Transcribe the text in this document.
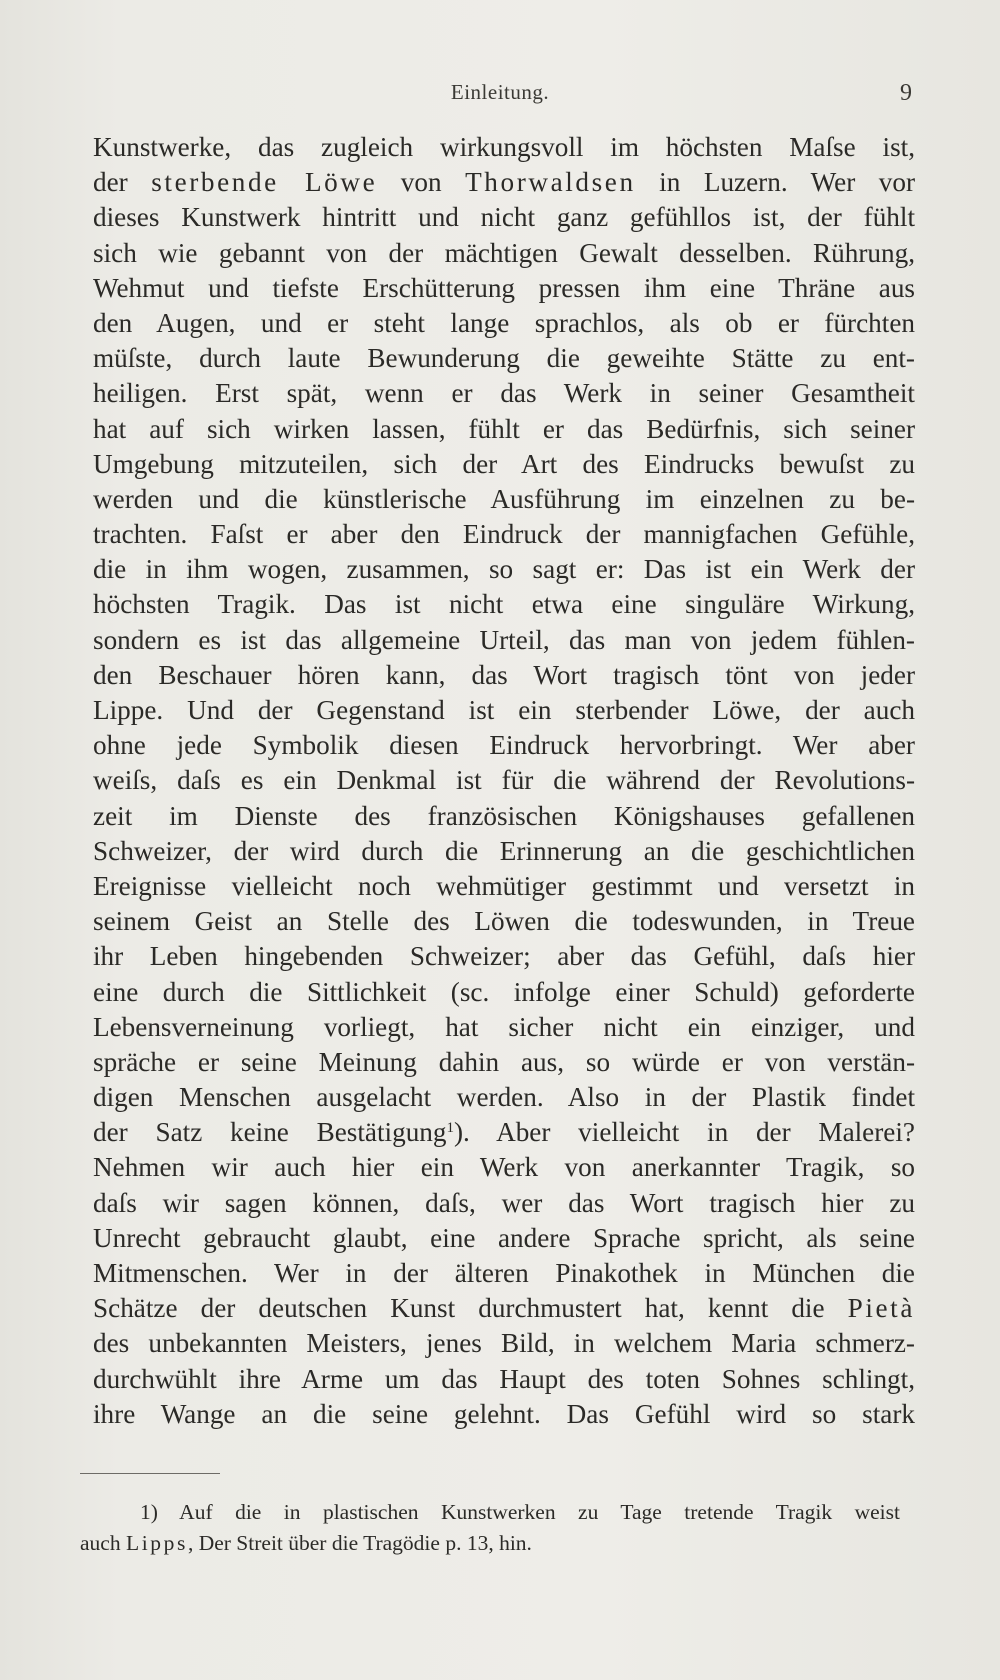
Einleitung.	9
Kunstwerke, das zugleich wirkungsvoll im höchsten Maſse ist,
der sterbende Löwe von Thorwaldsen in Luzern. Wer vor
dieses Kunstwerk hintritt und nicht ganz gefühllos ist, der fühlt
sich wie gebannt von der mächtigen Gewalt desselben. Rührung,
Wehmut und tiefste Erschütterung pressen ihm eine Thräne aus
den Augen, und er steht lange sprachlos, als ob er fürchten
müſste, durch laute Bewunderung die geweihte Stätte zu ent-
heiligen. Erst spät, wenn er das Werk in seiner Gesamtheit
hat auf sich wirken lassen, fühlt er das Bedürfnis, sich seiner
Umgebung mitzuteilen, sich der Art des Eindrucks bewuſst zu
werden und die künstlerische Ausführung im einzelnen zu be-
trachten. Faſst er aber den Eindruck der mannigfachen Gefühle,
die in ihm wogen, zusammen, so sagt er: Das ist ein Werk der
höchsten Tragik. Das ist nicht etwa eine singuläre Wirkung,
sondern es ist das allgemeine Urteil, das man von jedem fühlen-
den Beschauer hören kann, das Wort tragisch tönt von jeder
Lippe. Und der Gegenstand ist ein sterbender Löwe, der auch
ohne jede Symbolik diesen Eindruck hervorbringt. Wer aber
weiſs, daſs es ein Denkmal ist für die während der Revolutions-
zeit im Dienste des französischen Königshauses gefallenen
Schweizer, der wird durch die Erinnerung an die geschichtlichen
Ereignisse vielleicht noch wehmütiger gestimmt und versetzt in
seinem Geist an Stelle des Löwen die todeswunden, in Treue
ihr Leben hingebenden Schweizer; aber das Gefühl, daſs hier
eine durch die Sittlichkeit (sc. infolge einer Schuld) geforderte
Lebensverneinung vorliegt, hat sicher nicht ein einziger, und
spräche er seine Meinung dahin aus, so würde er von verstän-
digen Menschen ausgelacht werden. Also in der Plastik findet
der Satz keine Bestätigung$^1$). Aber vielleicht in der Malerei?
Nehmen wir auch hier ein Werk von anerkannter Tragik, so
daſs wir sagen können, daſs, wer das Wort tragisch hier zu
Unrecht gebraucht glaubt, eine andere Sprache spricht, als seine
Mitmenschen. Wer in der älteren Pinakothek in München die
Schätze der deutschen Kunst durchmustert hat, kennt die Pietà
des unbekannten Meisters, jenes Bild, in welchem Maria schmerz-
durchwühlt ihre Arme um das Haupt des toten Sohnes schlingt,
ihre Wange an die seine gelehnt. Das Gefühl wird so stark
1) Auf die in plastischen Kunstwerken zu Tage tretende Tragik weist
auch Lipps, Der Streit über die Tragödie p. 13, hin.
